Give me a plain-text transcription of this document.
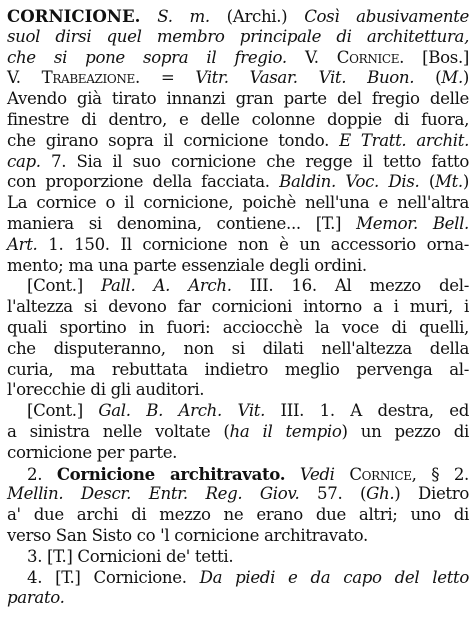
CORNICIONE. S. m. (Archi.) Così abusivamente
suol dirsi quel membro principale di architettura,
che si pone sopra il fregio. V. Cornice. [Bos.]
V. Trabeazione. = Vitr. Vasar. Vit. Buon. (M.)
Avendo già tirato innanzi gran parte del fregio delle
finestre di dentro, e delle colonne doppie di fuora,
che girano sopra il cornicione tondo. E Tratt. archit.
cap. 7. Sia il suo cornicione che regge il tetto fatto
con proporzione della facciata. Baldin. Voc. Dis. (Mt.)
La cornice o il cornicione, poichè nell'una e nell'altra
maniera si denomina, contiene... [T.] Memor. Bell.
Art. 1. 150. Il cornicione non è un accessorio orna-
mento; ma una parte essenziale degli ordini.
[Cont.] Pall. A. Arch. III. 16. Al mezzo del-
l'altezza si devono far cornicioni intorno a i muri, i
quali sportino in fuori: acciocchè la voce di quelli,
che disputeranno, non si dilati nell'altezza della
curia, ma rebuttata indietro meglio pervenga al-
l'orecchie di gli auditori.
[Cont.] Gal. B. Arch. Vit. III. 1. A destra, ed
a sinistra nelle voltate (ha il tempio) un pezzo di
cornicione per parte.
2. Cornicione architravato. Vedi Cornice, § 2.
Mellin. Descr. Entr. Reg. Giov. 57. (Gh.) Dietro
a' due archi di mezzo ne erano due altri; uno di
verso San Sisto co 'l cornicione architravato.
3. [T.] Cornicioni de' tetti.
4. [T.] Cornicione. Da piedi e da capo del letto
parato.
